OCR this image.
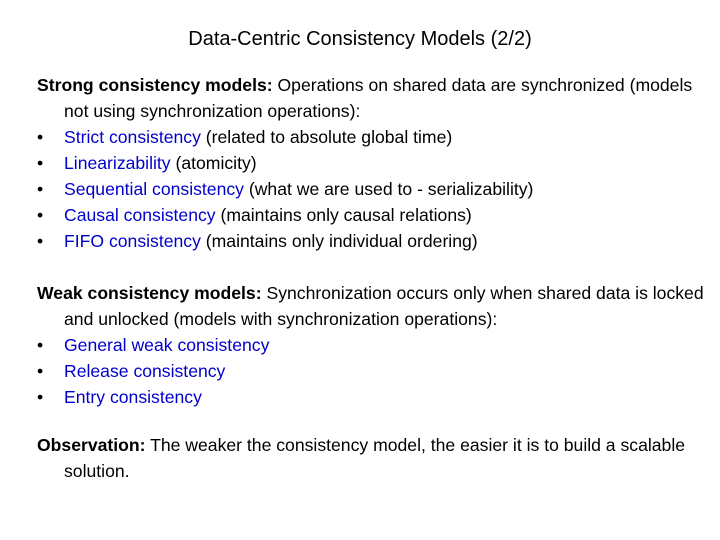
Data-Centric Consistency Models (2/2)

Strong consistency models: Operations on shared data are synchronized (models not using synchronization operations):

• Strict consistency (related to absolute global time)
• Linearizability (atomicity)
• Sequential consistency (what we are used to - serializability)
• Causal consistency (maintains only causal relations)
• FIFO consistency (maintains only individual ordering)

Weak consistency models: Synchronization occurs only when shared data is locked and unlocked (models with synchronization operations):

• General weak consistency
• Release consistency
• Entry consistency

Observation: The weaker the consistency model, the easier it is to build a scalable solution.
